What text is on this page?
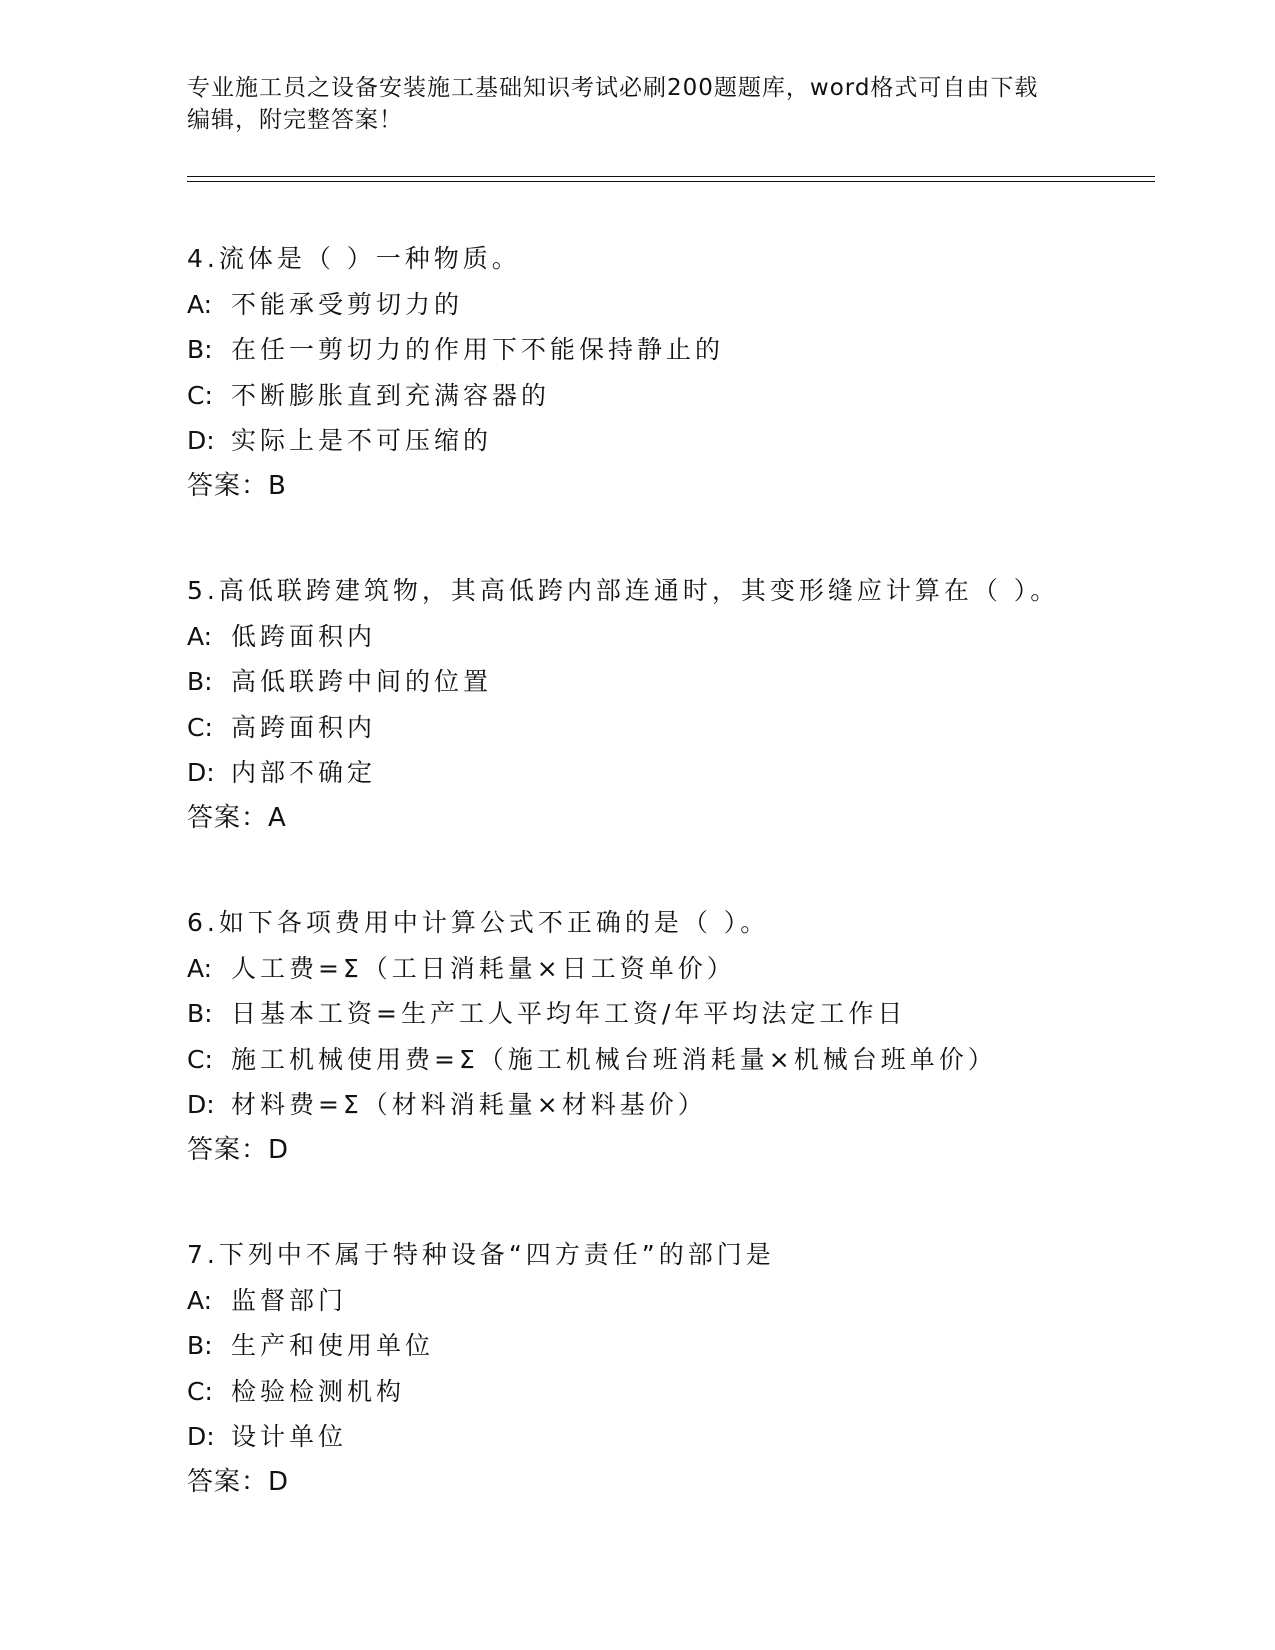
专业施工员之设备安装施工基础知识考试必刷200题题库，word格式可自由下载
编辑，附完整答案！
4.流体是（ ）一种物质。
A: 不能承受剪切力的
B: 在任一剪切力的作用下不能保持静止的
C: 不断膨胀直到充满容器的
D: 实际上是不可压缩的
答案：B
5.高低联跨建筑物，其高低跨内部连通时，其变形缝应计算在（ ）。
A: 低跨面积内
B: 高低联跨中间的位置
C: 高跨面积内
D: 内部不确定
答案：A
6.如下各项费用中计算公式不正确的是（ ）。
A: 人工费=Σ（工日消耗量×日工资单价）
B: 日基本工资=生产工人平均年工资/年平均法定工作日
C: 施工机械使用费=Σ（施工机械台班消耗量×机械台班单价）
D: 材料费=Σ（材料消耗量×材料基价）
答案：D
7.下列中不属于特种设备“四方责任”的部门是
A: 监督部门
B: 生产和使用单位
C: 检验检测机构
D: 设计单位
答案：D
